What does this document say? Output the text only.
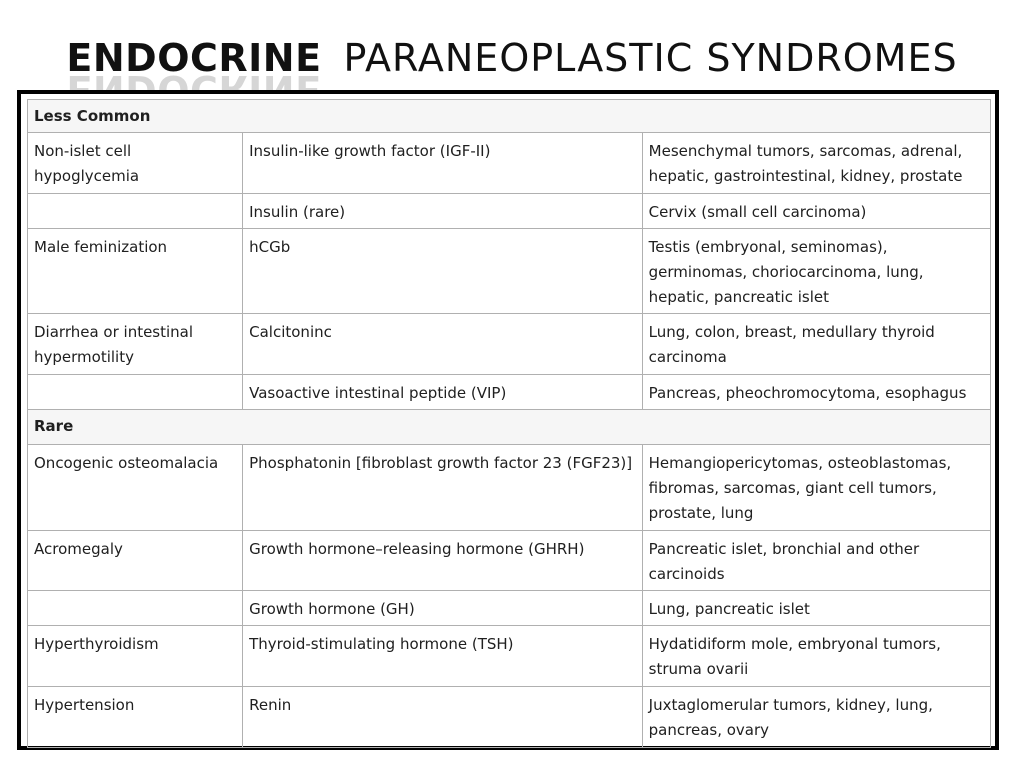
ENDOCRINE ENDOCRINE PARANEOPLASTIC SYNDROMES
Less Common		
Non-islet cell hypoglycemia	Insulin-like growth factor (IGF-II)	Mesenchymal tumors, sarcomas, adrenal, hepatic, gastrointestinal, kidney, prostate
	Insulin (rare)	Cervix (small cell carcinoma)
Male feminization	hCGb	Testis (embryonal, seminomas), germinomas, choriocarcinoma, lung, hepatic, pancreatic islet
Diarrhea or intestinal hypermotility	Calcitoninc	Lung, colon, breast, medullary thyroid carcinoma
	Vasoactive intestinal peptide (VIP)	Pancreas, pheochromocytoma, esophagus
Rare		
Oncogenic osteomalacia	Phosphatonin [fibroblast growth factor 23 (FGF23)]	Hemangiopericytomas, osteoblastomas, fibromas, sarcomas, giant cell tumors, prostate, lung
Acromegaly	Growth hormone–releasing hormone (GHRH)	Pancreatic islet, bronchial and other carcinoids
	Growth hormone (GH)	Lung, pancreatic islet
Hyperthyroidism	Thyroid-stimulating hormone (TSH)	Hydatidiform mole, embryonal tumors, struma ovarii
Hypertension	Renin	Juxtaglomerular tumors, kidney, lung, pancreas, ovary
